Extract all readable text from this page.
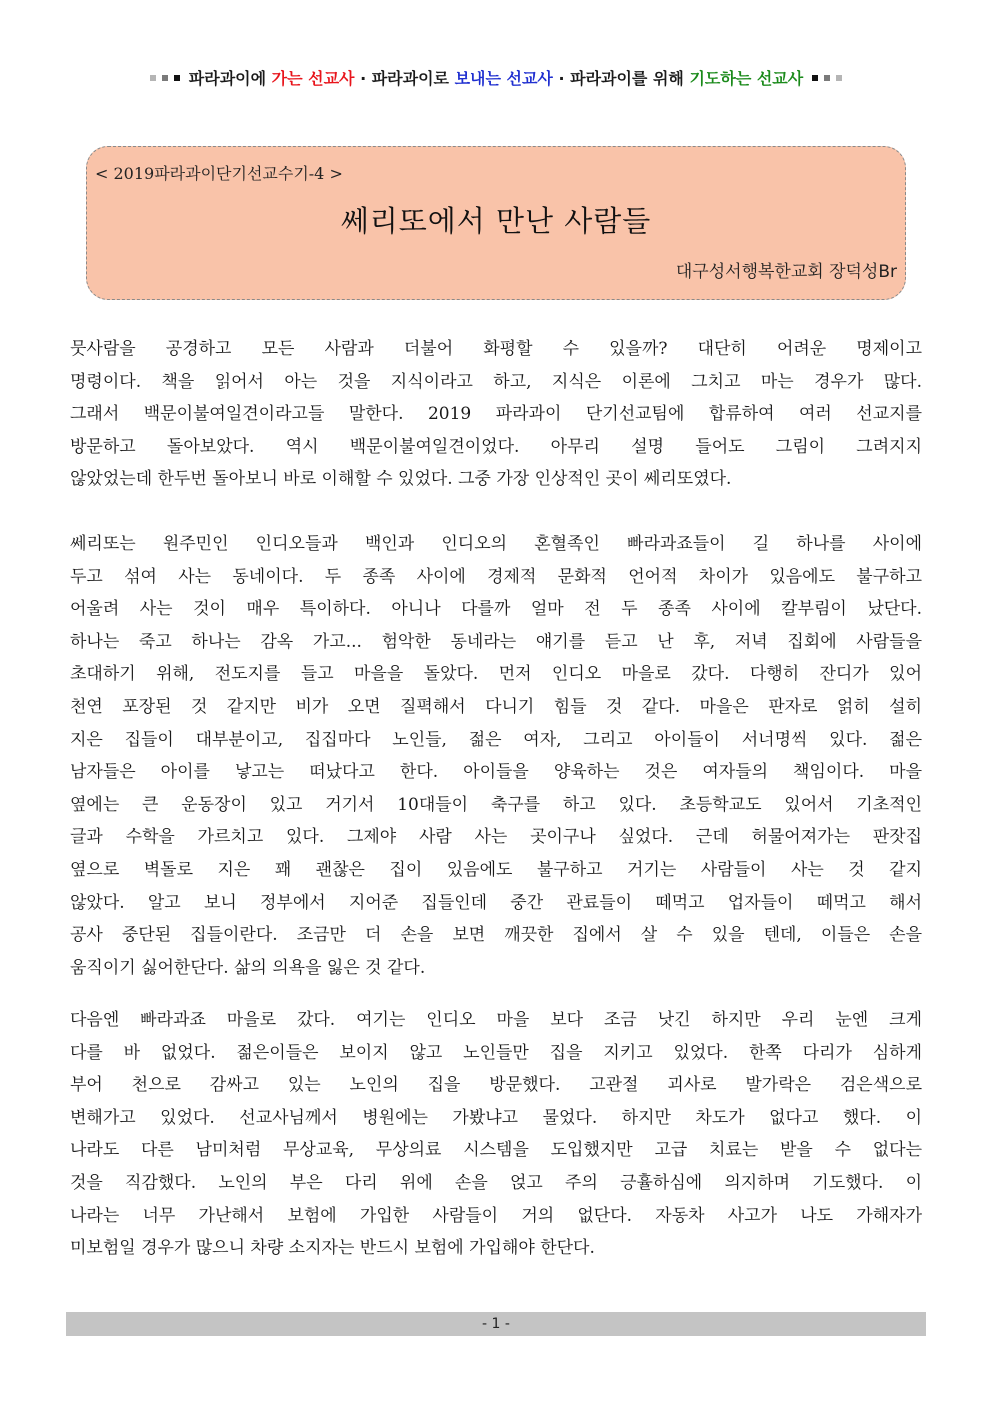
파라과이에 가는 선교사 · 파라과이로 보내는 선교사 · 파라과이를 위해 기도하는 선교사
< 2019파라과이단기선교수기-4 >
쎄리또에서 만난 사람들
대구성서행복한교회 장덕성Br
뭇사람을 공경하고 모든 사람과 더불어 화평할 수 있을까? 대단히 어려운 명제이고
명령이다. 책을 읽어서 아는 것을 지식이라고 하고, 지식은 이론에 그치고 마는 경우가 많다.
그래서 백문이불여일견이라고들 말한다. 2019 파라과이 단기선교팀에 합류하여 여러 선교지를
방문하고 돌아보았다. 역시 백문이불여일견이었다. 아무리 설명 들어도 그림이 그려지지
않았었는데 한두번 돌아보니 바로 이해할 수 있었다. 그중 가장 인상적인 곳이 쎄리또였다.
쎄리또는 원주민인 인디오들과 백인과 인디오의 혼혈족인 빠라과죠들이 길 하나를 사이에
두고 섞여 사는 동네이다. 두 종족 사이에 경제적 문화적 언어적 차이가 있음에도 불구하고
어울려 사는 것이 매우 특이하다. 아니나 다를까 얼마 전 두 종족 사이에 칼부림이 났단다.
하나는 죽고 하나는 감옥 가고... 험악한 동네라는 얘기를 듣고 난 후, 저녁 집회에 사람들을
초대하기 위해, 전도지를 들고 마을을 돌았다. 먼저 인디오 마을로 갔다. 다행히 잔디가 있어
천연 포장된 것 같지만 비가 오면 질펵해서 다니기 힘들 것 같다. 마을은 판자로 얽히 설히
지은 집들이 대부분이고, 집집마다 노인들, 젊은 여자, 그리고 아이들이 서너명씩 있다. 젊은
남자들은 아이를 낳고는 떠났다고 한다. 아이들을 양육하는 것은 여자들의 책임이다. 마을
옆에는 큰 운동장이 있고 거기서 10대들이 축구를 하고 있다. 초등학교도 있어서 기초적인
글과 수학을 가르치고 있다. 그제야 사람 사는 곳이구나 싶었다. 근데 허물어져가는 판잣집
옆으로 벽돌로 지은 꽤 괜찮은 집이 있음에도 불구하고 거기는 사람들이 사는 것 같지
않았다. 알고 보니 정부에서 지어준 집들인데 중간 관료들이 떼먹고 업자들이 떼먹고 해서
공사 중단된 집들이란다. 조금만 더 손을 보면 깨끗한 집에서 살 수 있을 텐데, 이들은 손을
움직이기 싫어한단다. 삶의 의욕을 잃은 것 같다.
다음엔 빠라과죠 마을로 갔다. 여기는 인디오 마을 보다 조금 낫긴 하지만 우리 눈엔 크게
다를 바 없었다. 젊은이들은 보이지 않고 노인들만 집을 지키고 있었다. 한쪽 다리가 심하게
부어 천으로 감싸고 있는 노인의 집을 방문했다. 고관절 괴사로 발가락은 검은색으로
변해가고 있었다. 선교사님께서 병원에는 가봤냐고 물었다. 하지만 차도가 없다고 했다. 이
나라도 다른 남미처럼 무상교육, 무상의료 시스템을 도입했지만 고급 치료는 받을 수 없다는
것을 직감했다. 노인의 부은 다리 위에 손을 얹고 주의 긍휼하심에 의지하며 기도했다. 이
나라는 너무 가난해서 보험에 가입한 사람들이 거의 없단다. 자동차 사고가 나도 가해자가
미보험일 경우가 많으니 차량 소지자는 반드시 보험에 가입해야 한단다.
- 1 -
